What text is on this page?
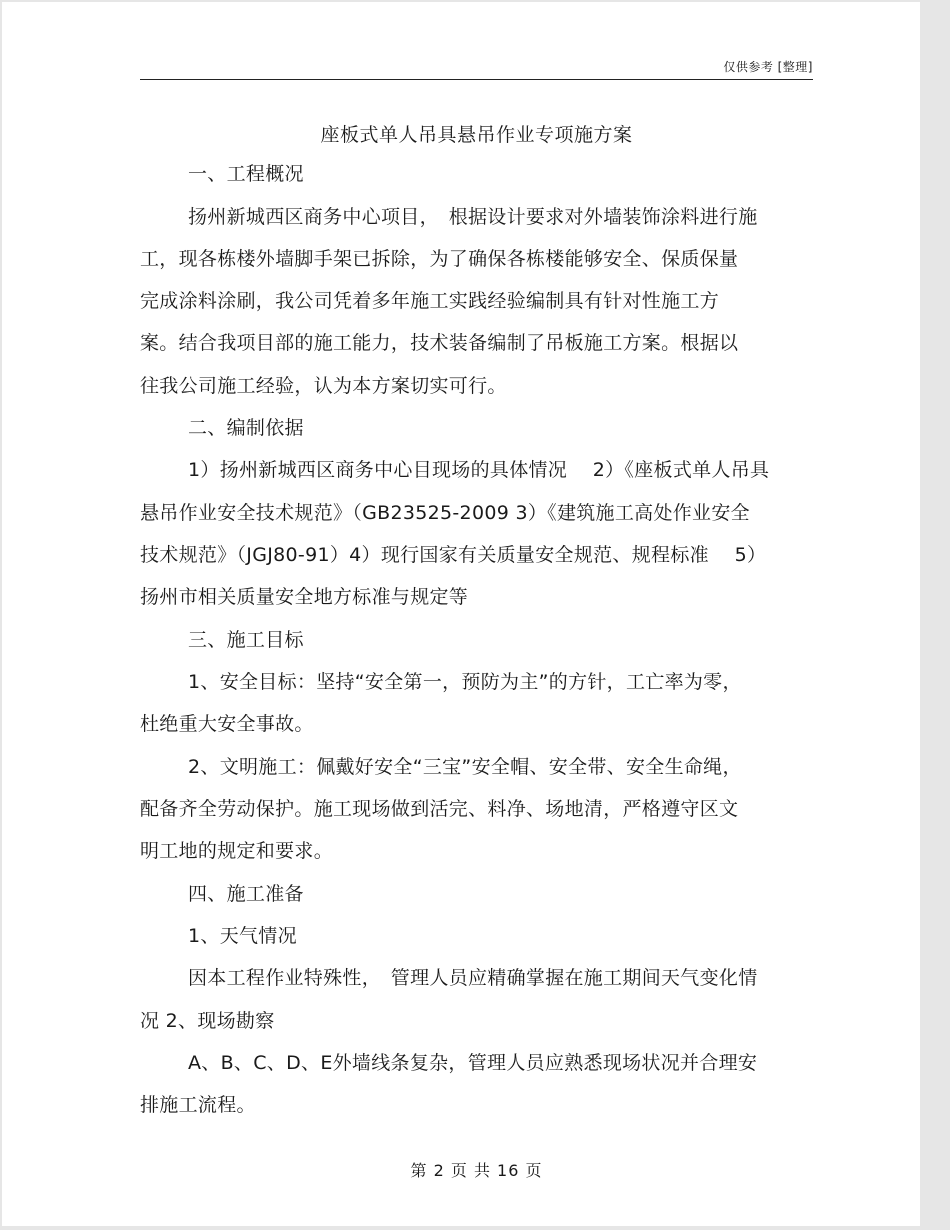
仅供参考 [整理]
座板式单人吊具悬吊作业专项施方案
一、工程概况
扬州新城西区商务中心项目，　根据设计要求对外墙装饰涂料进行施
工，现各栋楼外墙脚手架已拆除，为了确保各栋楼能够安全、保质保量
完成涂料涂刷，我公司凭着多年施工实践经验编制具有针对性施工方
案。结合我项目部的施工能力，技术装备编制了吊板施工方案。根据以
往我公司施工经验，认为本方案切实可行。
二、编制依据
1）扬州新城西区商务中心目现场的具体情况　 2）《座板式单人吊具
悬吊作业安全技术规范》（GB23525-2009 3）《建筑施工高处作业安全
技术规范》（JGJ80-91）4）现行国家有关质量安全规范、规程标准　 5）
扬州市相关质量安全地方标准与规定等
三、施工目标
1、安全目标：坚持“安全第一，预防为主”的方针，工亡率为零，
杜绝重大安全事故。
2、文明施工：佩戴好安全“三宝”安全帽、安全带、安全生命绳，
配备齐全劳动保护。施工现场做到活完、料净、场地清，严格遵守区文
明工地的规定和要求。
四、施工准备
1、天气情况
因本工程作业特殊性，　管理人员应精确掌握在施工期间天气变化情
况 2、现场勘察
A、B、C、D、E外墙线条复杂，管理人员应熟悉现场状况并合理安
排施工流程。
第 2 页 共 16 页
